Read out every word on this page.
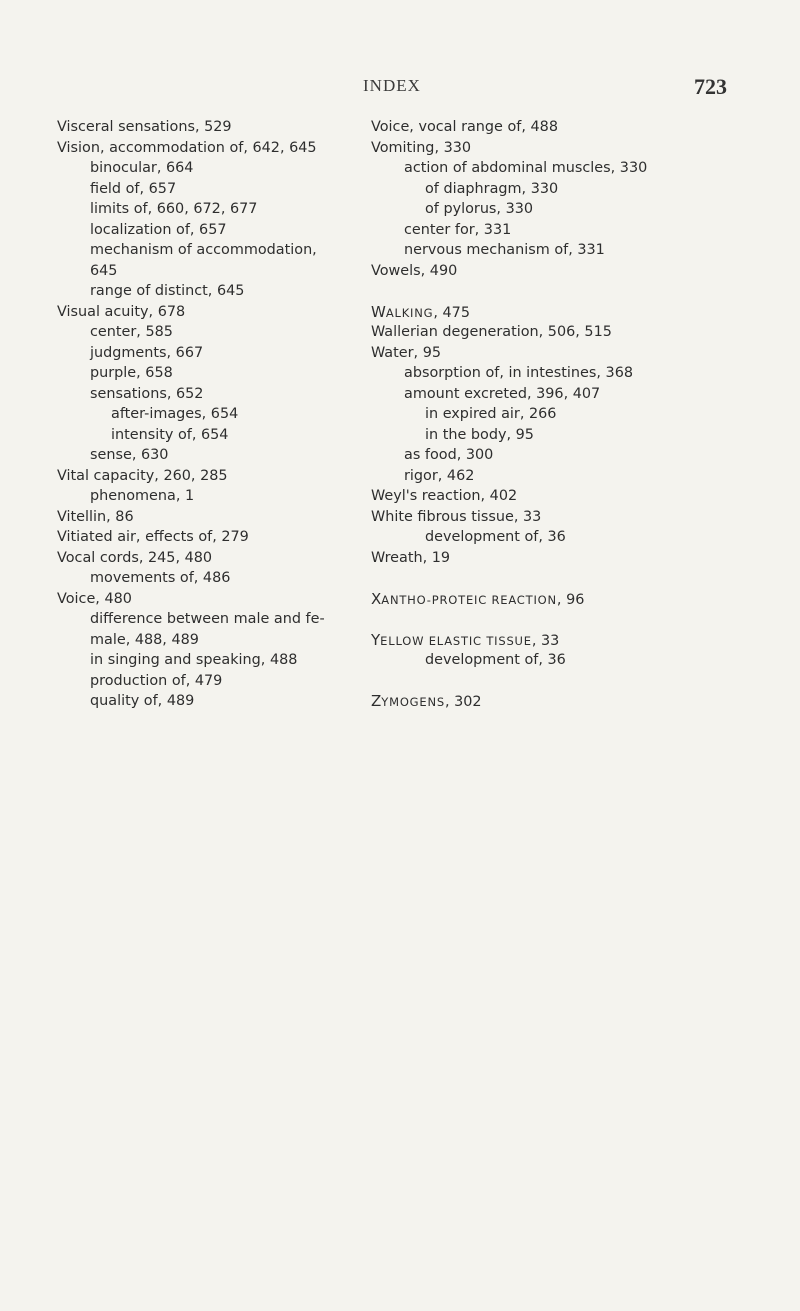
INDEX	723
Visceral sensations, 529
Vision, accommodation of, 642, 645
binocular, 664
field of, 657
limits of, 660, 672, 677
localization of, 657
mechanism of accommodation,
645
range of distinct, 645
Visual acuity, 678
center, 585
judgments, 667
purple, 658
sensations, 652
after-images, 654
intensity of, 654
sense, 630
Vital capacity, 260, 285
phenomena, 1
Vitellin, 86
Vitiated air, effects of, 279
Vocal cords, 245, 480
movements of, 486
Voice, 480
difference between male and fe-
male, 488, 489
in singing and speaking, 488
production of, 479
quality of, 489
Voice, vocal range of, 488
Vomiting, 330
action of abdominal muscles, 330
of diaphragm, 330
of pylorus, 330
center for, 331
nervous mechanism of, 331
Vowels, 490
WALKING, 475
Wallerian degeneration, 506, 515
Water, 95
absorption of, in intestines, 368
amount excreted, 396, 407
in expired air, 266
in the body, 95
as food, 300
rigor, 462
Weyl's reaction, 402
White fibrous tissue, 33
development of, 36
Wreath, 19
XANTHO-PROTEIC REACTION, 96
YELLOW ELASTIC TISSUE, 33
development of, 36
ZYMOGENS, 302
